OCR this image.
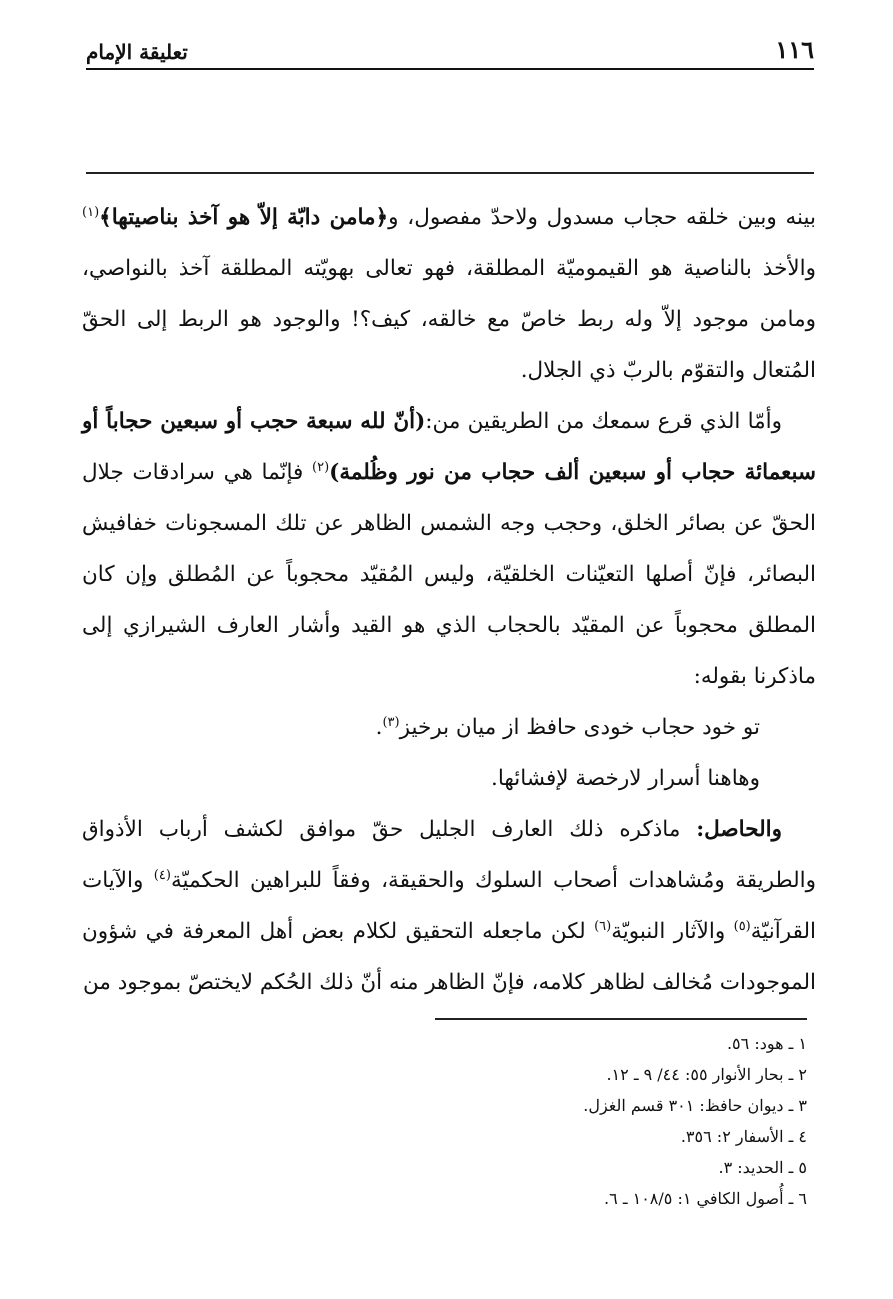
١١٦
تعليقة الإمام

بينه وبين خلقه حجاب مسدول ولاحدّ مفصول، و﴿مامن دابّة إلاّ هو آخذ بناصيتها﴾$^{(١)}$ والأخذ بالناصية هو القيموميّة المطلقة، فهو تعالى بهويّته المطلقة آخذ بالنواصي، ومامن موجود إلاّ وله ربط خاصّ مع خالقه، كيف؟! والوجود هو الربط إلى الحقّ المُتعال والتقوّم بالربّ ذي الجلال.

وأمّا الذي قرع سمعك من الطريقين من:(أنّ لله سبعة حجب أو سبعين حجاباً أو سبعمائة حجاب أو سبعين ألف حجاب من نور وظُلمة)$^{(٢)}$ فإنّما هي سرادقات جلال الحقّ عن بصائر الخلق، وحجب وجه الشمس الظاهر عن تلك المسجونات خفافيش البصائر، فإنّ أصلها التعيّنات الخلقيّة، وليس المُقيّد محجوباً عن المُطلق وإن كان المطلق محجوباً عن المقيّد بالحجاب الذي هو القيد وأشار العارف الشيرازي إلى ماذكرنا بقوله:

تو خود حجاب خودى حافظ از ميان برخيز$^{(٣)}$.

وهاهنا أسرار لارخصة لإفشائها.

والحاصل: ماذكره ذلك العارف الجليل حقّ موافق لكشف أرباب الأذواق والطريقة ومُشاهدات أصحاب السلوك والحقيقة، وفقاً للبراهين الحكميّة$^{(٤)}$ والآيات القرآنيّة$^{(٥)}$ والآثار النبويّة$^{(٦)}$ لكن ماجعله التحقيق لكلام بعض أهل المعرفة في شؤون الموجودات مُخالف لظاهر كلامه، فإنّ الظاهر منه أنّ ذلك الحُكم لايختصّ بموجود من

١ ـ هود: ٥٦.
٢ ـ بحار الأنوار ٥٥: ٤٤/ ٩ ـ ١٢.
٣ ـ ديوان حافظ: ٣٠١ قسم الغزل.
٤ ـ الأسفار ٢: ٣٥٦.
٥ ـ الحديد: ٣.
٦ ـ أُصول الكافي ١: ١٠٨/٥ ـ ٦.
